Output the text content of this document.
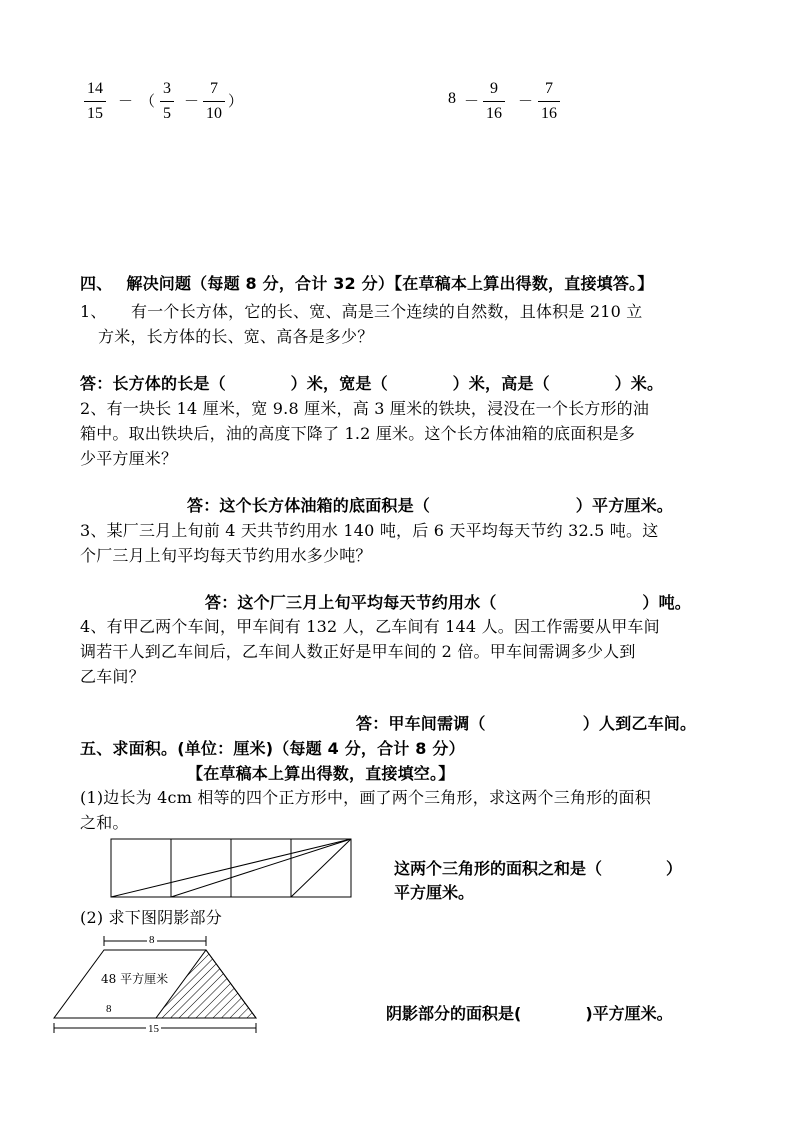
14
15
－ （
3
5
－
7
10
）	8 －
9
16
－
7
16
四、　 解决问题（每题 8 分，合计 32 分）【在草稿本上算出得数，直接填答。】
1、　　有一个长方体，它的长、宽、高是三个连续的自然数，且体积是 210 立
方米，长方体的长、宽、高各是多少？
答：长方体的长是（　　　　）米，宽是（　　　　）米，高是（　　　　）米。
2、有一块长 14 厘米，宽 9.8 厘米，高 3 厘米的铁块，浸没在一个长方形的油
箱中。取出铁块后，油的高度下降了 1.2 厘米。这个长方体油箱的底面积是多
少平方厘米？
答：这个长方体油箱的底面积是（　　　　　　　　　）平方厘米。
3、某厂三月上旬前 4 天共节约用水 140 吨，后 6 天平均每天节约 32.5 吨。这
个厂三月上旬平均每天节约用水多少吨？
答：这个厂三月上旬平均每天节约用水（　　　　　　　　　）吨。
4、有甲乙两个车间，甲车间有 132 人，乙车间有 144 人。因工作需要从甲车间
调若干人到乙车间后，乙车间人数正好是甲车间的 2 倍。甲车间需调多少人到
乙车间？
答：甲车间需调（　　　　　　）人到乙车间。
五、求面积。(单位：厘米)（每题 4 分，合计 8 分）
【在草稿本上算出得数，直接填空。】
(1)边长为 4cm 相等的四个正方形中，画了两个三角形，求这两个三角形的面积
之和。
这两个三角形的面积之和是（　　　　）
平方厘米。
(2) 求下图阴影部分
8
48 平方厘米
8
15
阴影部分的面积是(　　　　)平方厘米。
